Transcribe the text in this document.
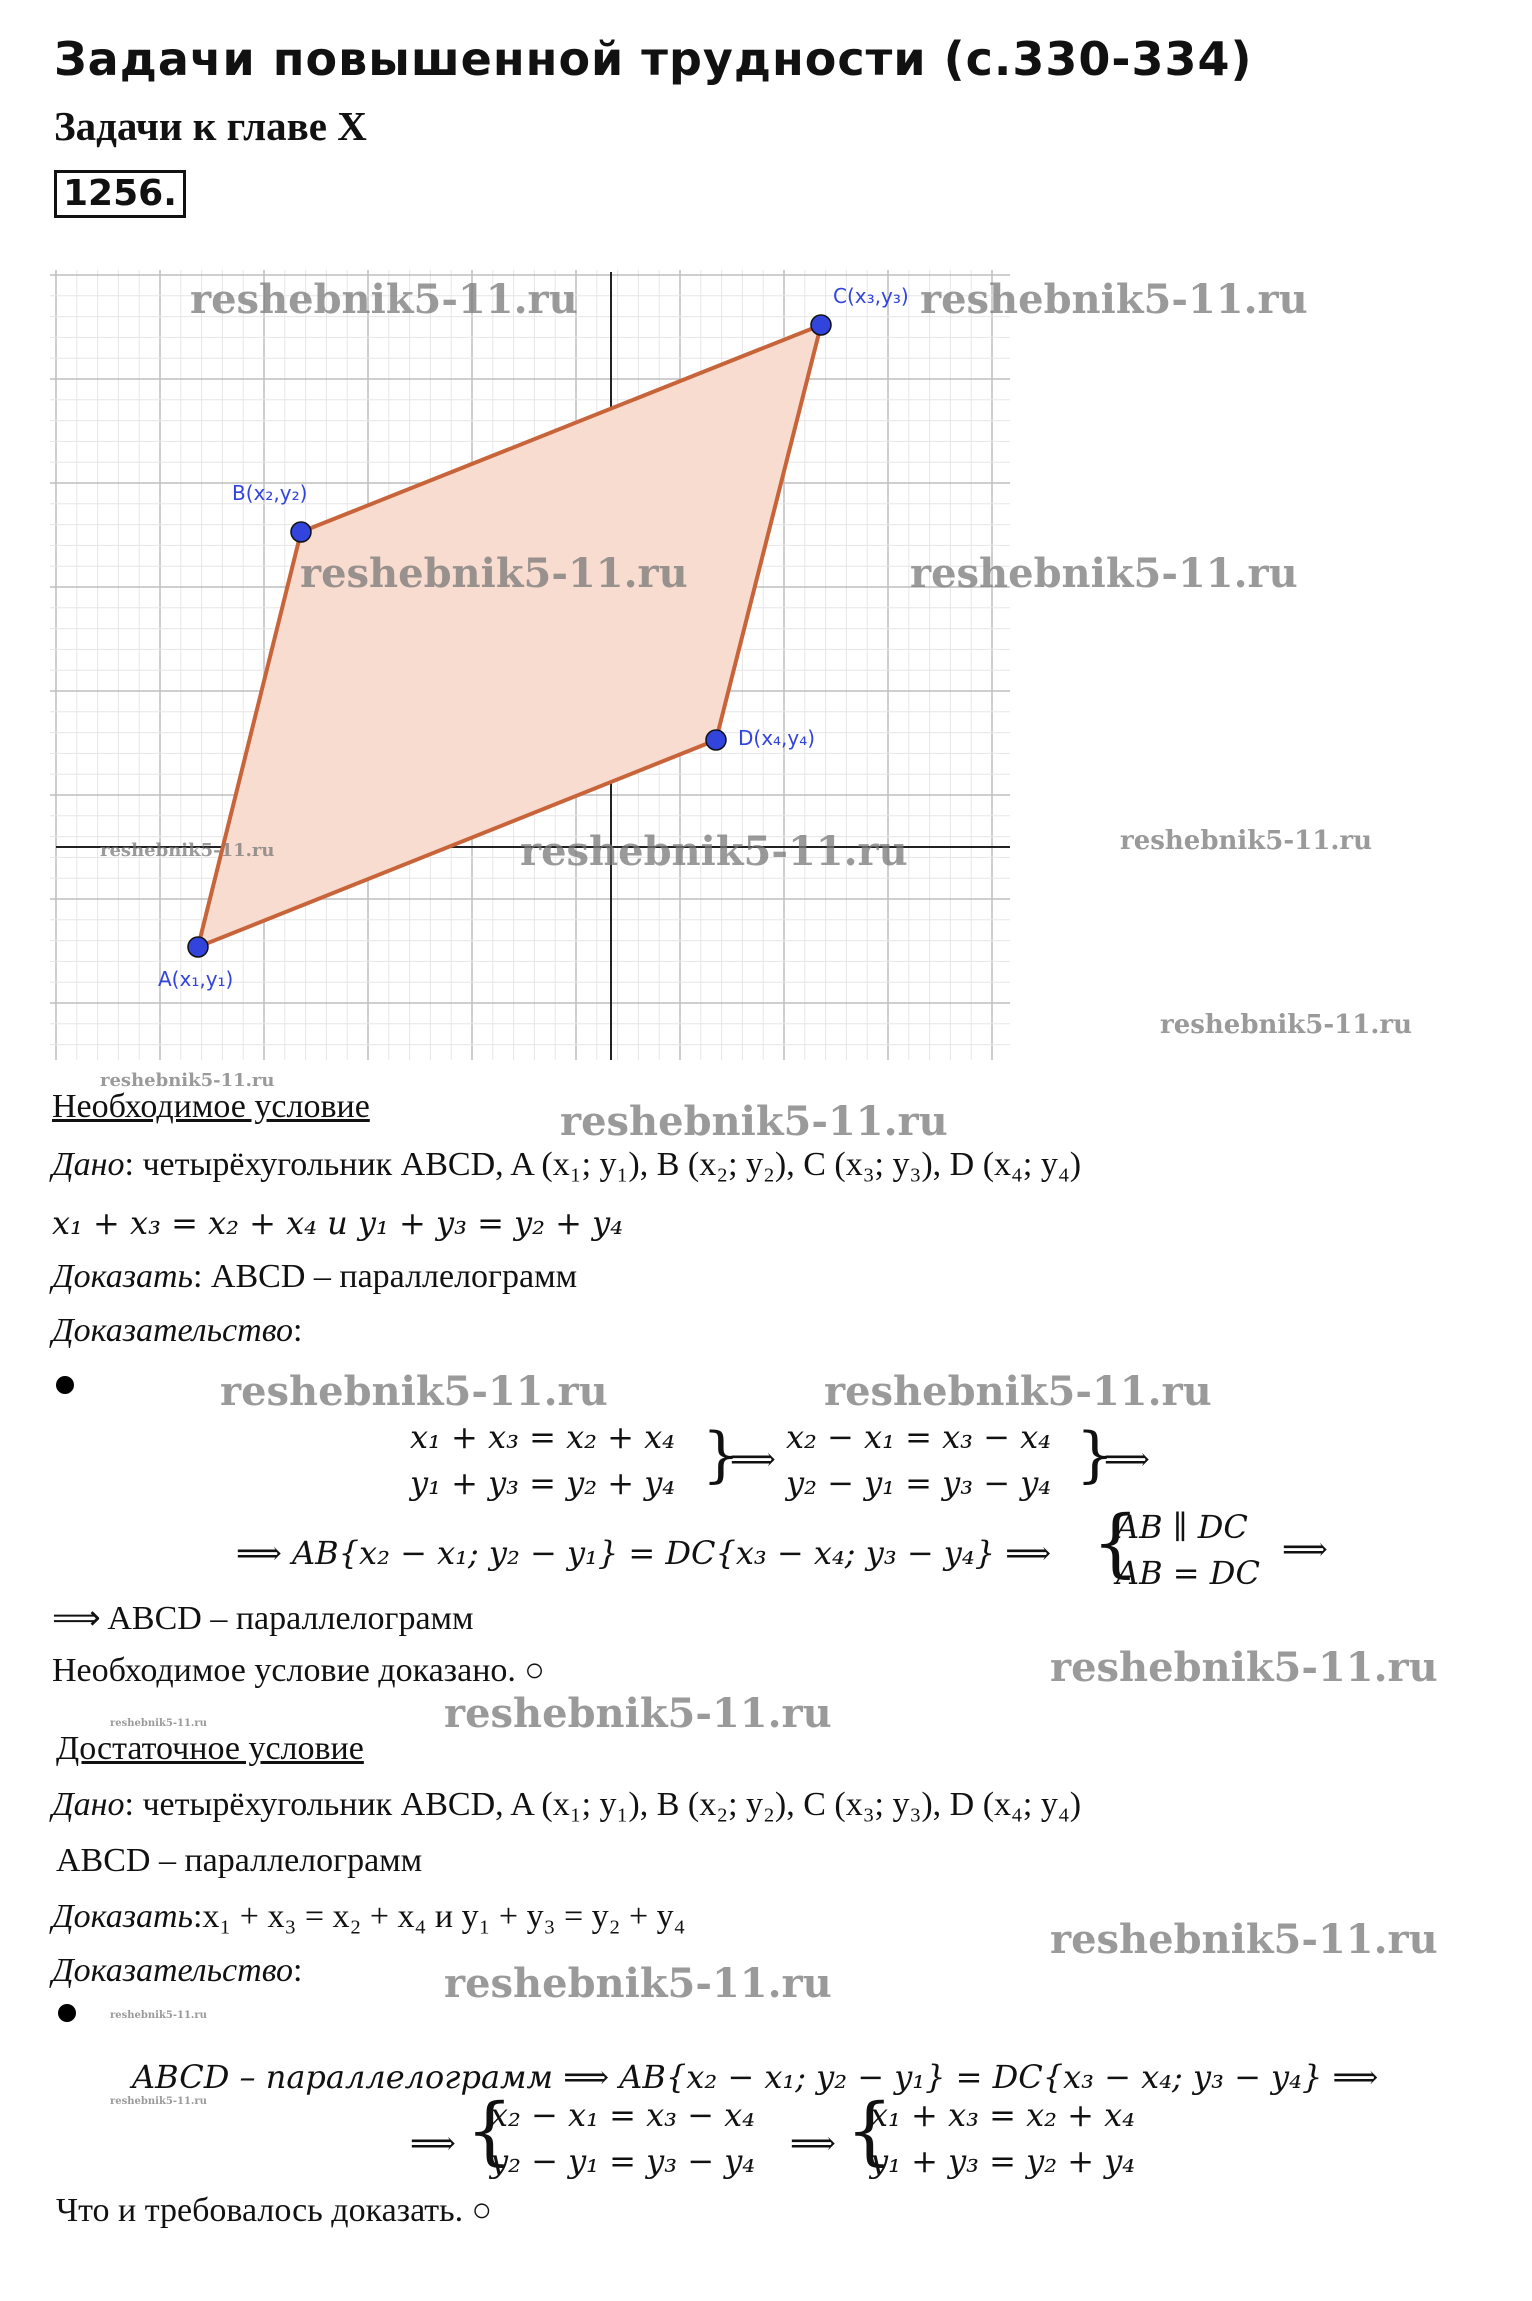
Задачи повышенной трудности (с.330-334)
Задачи к главе X
1256.
A(x₁,y₁)
B(x₂,y₂)
C(x₃,y₃)
D(x₄,y₄)
Необходимое условие
Дано: четырёхугольник ABCD, A (x₁; y₁), B (x₂; y₂), C (x₃; y₃), D (x₄; y₄)
x₁ + x₃ = x₂ + x₄ и y₁ + y₃ = y₂ + y₄
Доказать: ABCD – параллелограмм
Доказательство:
x₁ + x₃ = x₂ + x₄
y₁ + y₃ = y₂ + y₄ }
⟹
x₂ − x₁ = x₃ − x₄
y₂ − y₁ = y₃ − y₄ }
⟹
⟹ AB{x₂ − x₁; y₂ − y₁} = DC{x₃ − x₄; y₃ − y₄} ⟹ {
AB ∥ DC
AB = DC
⟹
⟹ ABCD – параллелограмм
Необходимое условие доказано. ○
Достаточное условие
Дано: четырёхугольник ABCD, A (x₁; y₁), B (x₂; y₂), C (x₃; y₃), D (x₄; y₄)
ABCD – параллелограмм
Доказать:x₁ + x₃ = x₂ + x₄ и y₁ + y₃ = y₂ + y₄
Доказательство:
ABCD – параллелограмм ⟹ AB{x₂ − x₁; y₂ − y₁} = DC{x₃ − x₄; y₃ − y₄} ⟹
⟹ {
x₂ − x₁ = x₃ − x₄
y₂ − y₁ = y₃ − y₄ ⟹ {
x₁ + x₃ = x₂ + x₄
y₁ + y₃ = y₂ + y₄
Что и требовалось доказать. ○
reshebnik5-11.ru	reshebnik5-11.ru
reshebnik5-11.ru	reshebnik5-11.ru
reshebnik5-11.ru	reshebnik5-11.ru	reshebnik5-11.ru
reshebnik5-11.ru
reshebnik5-11.ru
reshebnik5-11.ru
reshebnik5-11.ru	reshebnik5-11.ru
reshebnik5-11.ru
reshebnik5-11.ru	reshebnik5-11.ru
reshebnik5-11.ru
reshebnik5-11.ru
reshebnik5-11.ru
reshebnik5-11.ru
